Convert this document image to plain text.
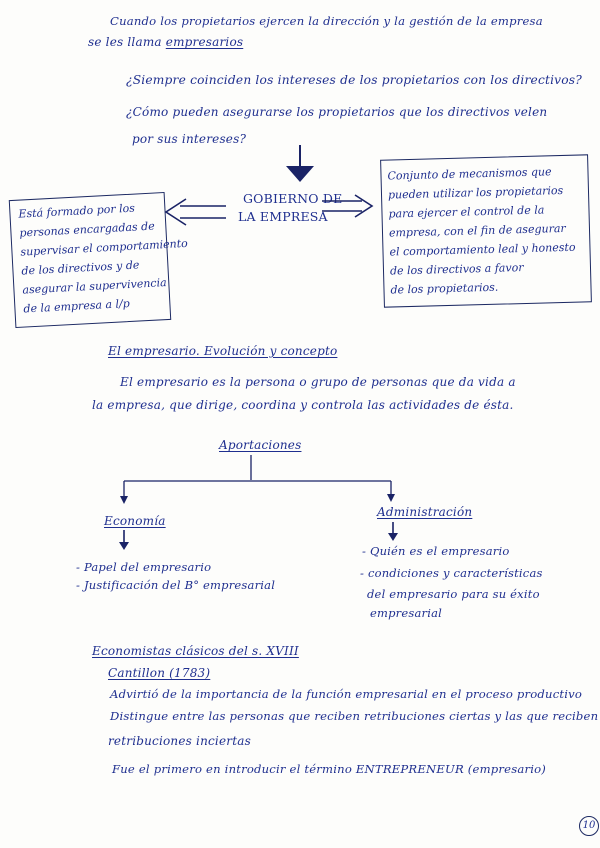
Cuando los propietarios ejercen la dirección y la gestión de la empresa
se les llama empresarios
¿Siempre coinciden los intereses de los propietarios con los directivos?
¿Cómo pueden asegurarse los propietarios que los directivos velen
por sus intereses?
GOBIERNO DE
LA EMPRESA
Está formado por los
personas encargadas de
supervisar el comportamiento
de los directivos y de
asegurar la supervivencia
de la empresa a l/p
Conjunto de mecanismos que
pueden utilizar los propietarios
para ejercer el control de la
empresa, con el fin de asegurar
el comportamiento leal y honesto
de los directivos a favor
de los propietarios.
El empresario. Evolución y concepto
El empresario es la persona o grupo de personas que da vida a
la empresa, que dirige, coordina y controla las actividades de ésta.
Aportaciones
Economía
Administración
- Papel del empresario
- Justificación del B° empresarial
- Quién es el empresario
- condiciones y características
del empresario para su éxito
empresarial
Economistas clásicos del s. XVIII
Cantillon (1783)
Advirtió de la importancia de la función empresarial en el proceso productivo
Distingue entre las personas que reciben retribuciones ciertas y las que reciben
retribuciones inciertas
Fue el primero en introducir el término ENTREPRENEUR (empresario)
10
